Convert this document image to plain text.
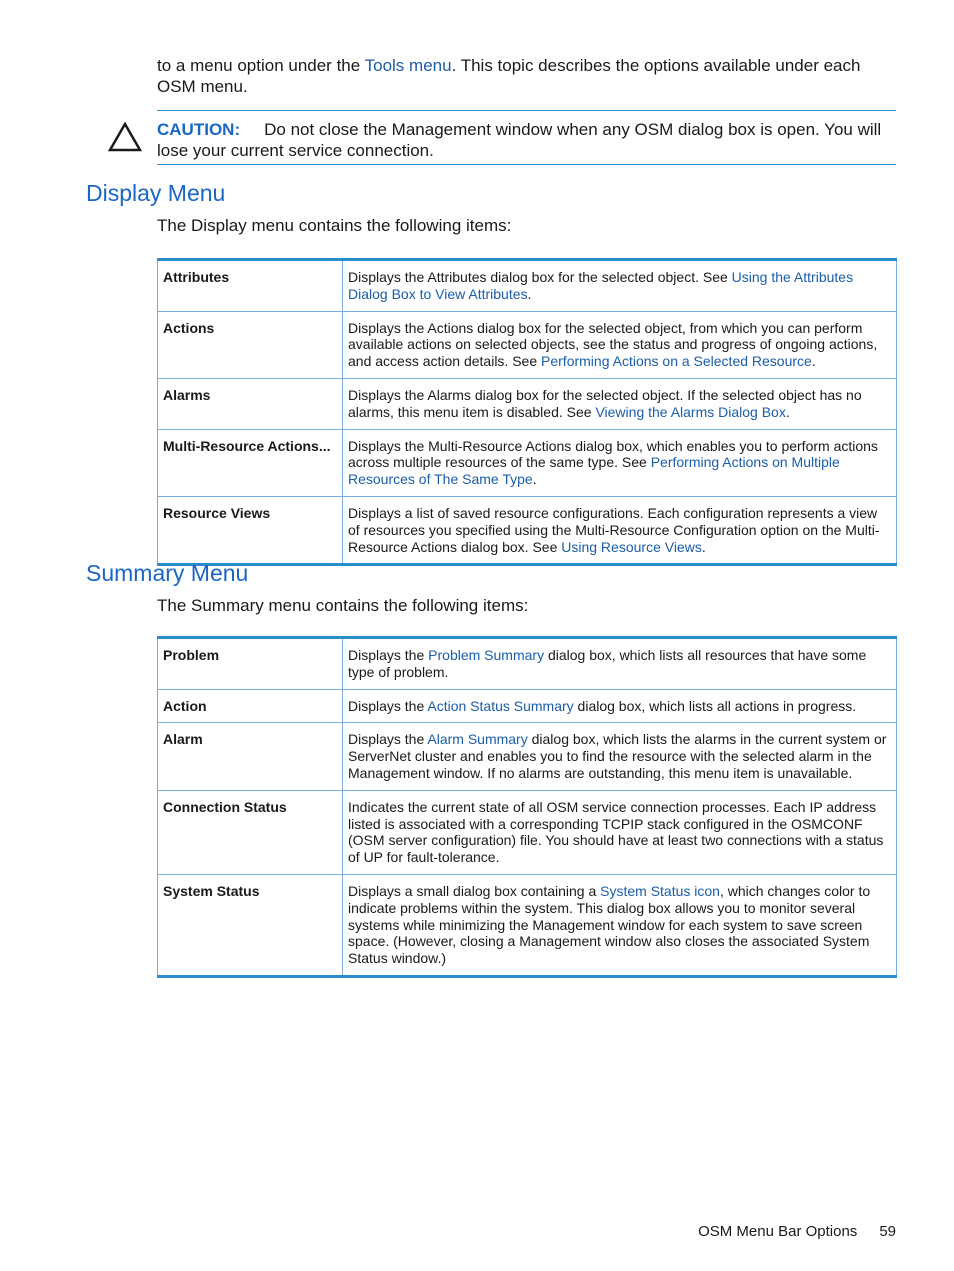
to a menu option under the Tools menu. This topic describes the options available under each OSM menu.
CAUTION: Do not close the Management window when any OSM dialog box is open. You will lose your current service connection.
Display Menu
The Display menu contains the following items:
Attributes	Displays the Attributes dialog box for the selected object. See Using the Attributes Dialog Box to View Attributes.
Actions	Displays the Actions dialog box for the selected object, from which you can perform available actions on selected objects, see the status and progress of ongoing actions, and access action details. See Performing Actions on a Selected Resource.
Alarms	Displays the Alarms dialog box for the selected object. If the selected object has no alarms, this menu item is disabled. See Viewing the Alarms Dialog Box.
Multi-Resource Actions...	Displays the Multi-Resource Actions dialog box, which enables you to perform actions across multiple resources of the same type. See Performing Actions on Multiple Resources of The Same Type.
Resource Views	Displays a list of saved resource configurations. Each configuration represents a view of resources you specified using the Multi-Resource Configuration option on the Multi-Resource Actions dialog box. See Using Resource Views.
Summary Menu
The Summary menu contains the following items:
Problem	Displays the Problem Summary dialog box, which lists all resources that have some type of problem.
Action	Displays the Action Status Summary dialog box, which lists all actions in progress.
Alarm	Displays the Alarm Summary dialog box, which lists the alarms in the current system or ServerNet cluster and enables you to find the resource with the selected alarm in the Management window. If no alarms are outstanding, this menu item is unavailable.
Connection Status	Indicates the current state of all OSM service connection processes. Each IP address listed is associated with a corresponding TCPIP stack configured in the OSMCONF (OSM server configuration) file. You should have at least two connections with a status of UP for fault-tolerance.
System Status	Displays a small dialog box containing a System Status icon, which changes color to indicate problems within the system. This dialog box allows you to monitor several systems while minimizing the Management window for each system to save screen space. (However, closing a Management window also closes the associated System Status window.)
OSM Menu Bar Options 59
